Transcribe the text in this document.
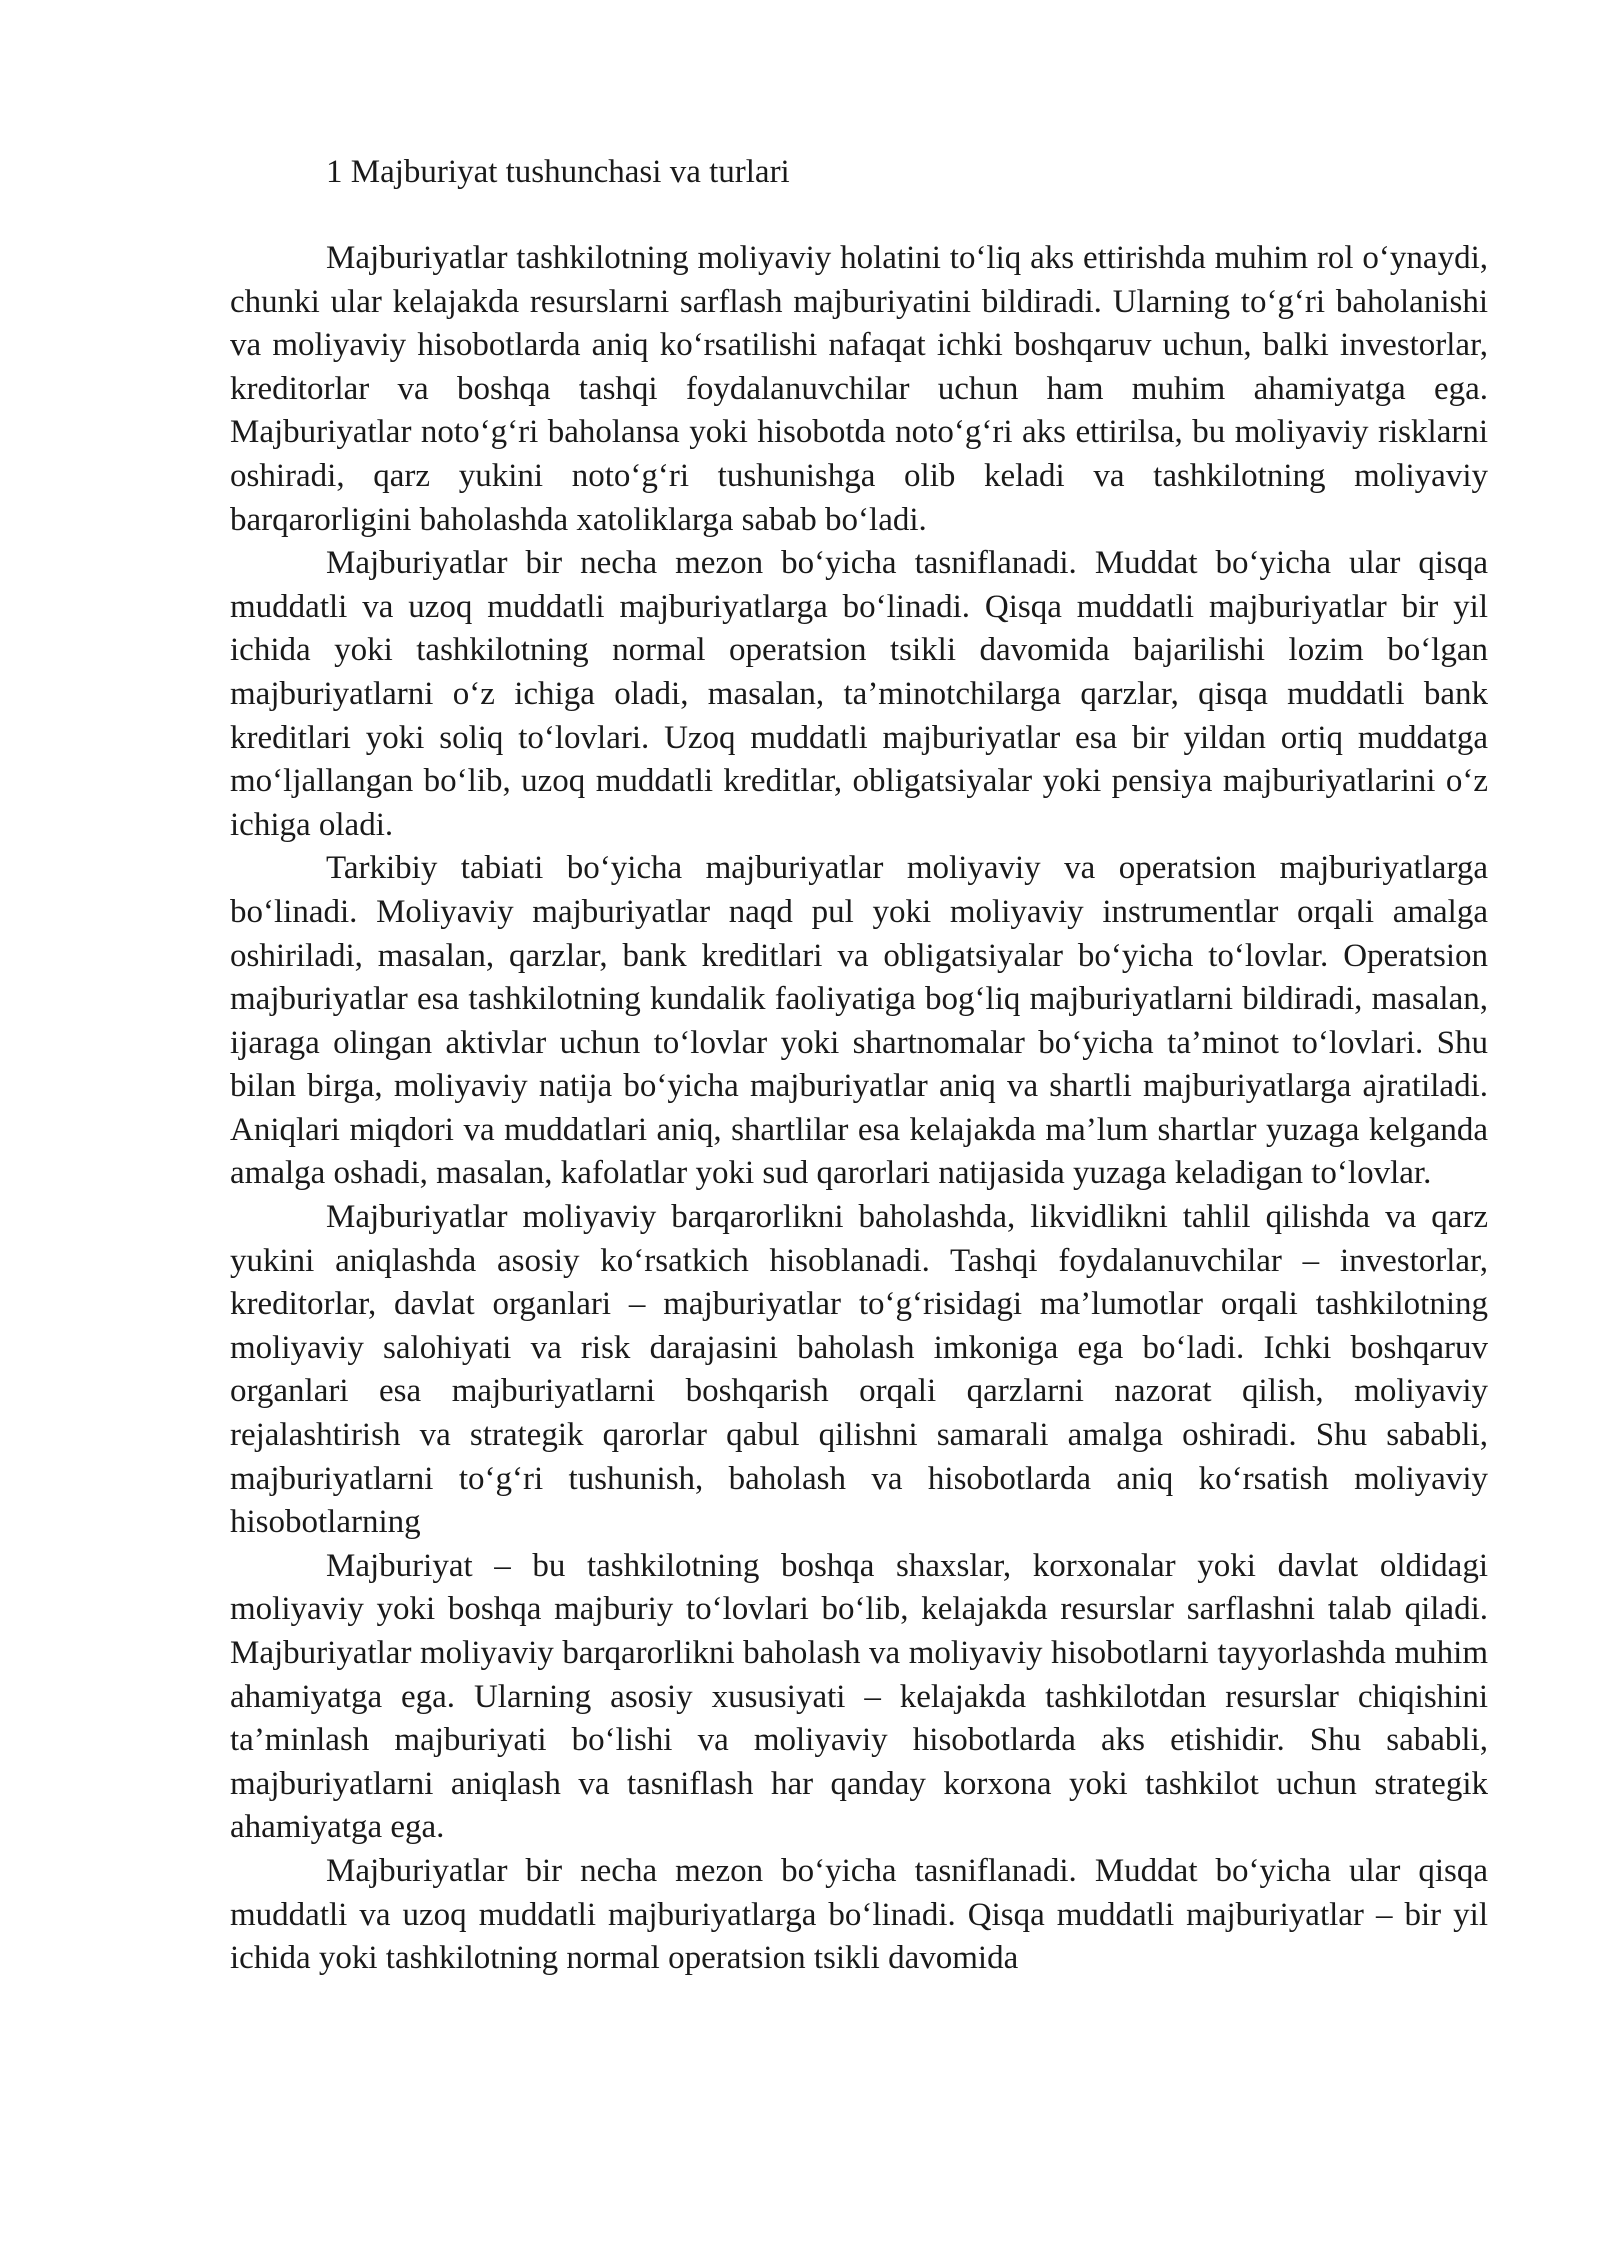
1 Majburiyat tushunchasi va turlari

Majburiyatlar tashkilotning moliyaviy holatini to‘liq aks ettirishda muhim rol o‘ynaydi, chunki ular kelajakda resurslarni sarflash majburiyatini bildiradi. Ularning to‘g‘ri baholanishi va moliyaviy hisobotlarda aniq ko‘rsatilishi nafaqat ichki boshqaruv uchun, balki investorlar, kreditorlar va boshqa tashqi foydalanuvchilar uchun ham muhim ahamiyatga ega. Majburiyatlar noto‘g‘ri baholansa yoki hisobotda noto‘g‘ri aks ettirilsa, bu moliyaviy risklarni oshiradi, qarz yukini noto‘g‘ri tushunishga olib keladi va tashkilotning moliyaviy barqarorligini baholashda xatoliklarga sabab bo‘ladi.

Majburiyatlar bir necha mezon bo‘yicha tasniflanadi. Muddat bo‘yicha ular qisqa muddatli va uzoq muddatli majburiyatlarga bo‘linadi. Qisqa muddatli majburiyatlar bir yil ichida yoki tashkilotning normal operatsion tsikli davomida bajarilishi lozim bo‘lgan majburiyatlarni o‘z ichiga oladi, masalan, ta’minotchilarga qarzlar, qisqa muddatli bank kreditlari yoki soliq to‘lovlari. Uzoq muddatli majburiyatlar esa bir yildan ortiq muddatga mo‘ljallangan bo‘lib, uzoq muddatli kreditlar, obligatsiyalar yoki pensiya majburiyatlarini o‘z ichiga oladi.

Tarkibiy tabiati bo‘yicha majburiyatlar moliyaviy va operatsion majburiyatlarga bo‘linadi. Moliyaviy majburiyatlar naqd pul yoki moliyaviy instrumentlar orqali amalga oshiriladi, masalan, qarzlar, bank kreditlari va obligatsiyalar bo‘yicha to‘lovlar. Operatsion majburiyatlar esa tashkilotning kundalik faoliyatiga bog‘liq majburiyatlarni bildiradi, masalan, ijaraga olingan aktivlar uchun to‘lovlar yoki shartnomalar bo‘yicha ta’minot to‘lovlari. Shu bilan birga, moliyaviy natija bo‘yicha majburiyatlar aniq va shartli majburiyatlarga ajratiladi. Aniqlari miqdori va muddatlari aniq, shartlilar esa kelajakda ma’lum shartlar yuzaga kelganda amalga oshadi, masalan, kafolatlar yoki sud qarorlari natijasida yuzaga keladigan to‘lovlar.

Majburiyatlar moliyaviy barqarorlikni baholashda, likvidlikni tahlil qilishda va qarz yukini aniqlashda asosiy ko‘rsatkich hisoblanadi. Tashqi foydalanuvchilar – investorlar, kreditorlar, davlat organlari – majburiyatlar to‘g‘risidagi ma’lumotlar orqali tashkilotning moliyaviy salohiyati va risk darajasini baholash imkoniga ega bo‘ladi. Ichki boshqaruv organlari esa majburiyatlarni boshqarish orqali qarzlarni nazorat qilish, moliyaviy rejalashtirish va strategik qarorlar qabul qilishni samarali amalga oshiradi. Shu sababli, majburiyatlarni to‘g‘ri tushunish, baholash va hisobotlarda aniq ko‘rsatish moliyaviy hisobotlarning

Majburiyat – bu tashkilotning boshqa shaxslar, korxonalar yoki davlat oldidagi moliyaviy yoki boshqa majburiy to‘lovlari bo‘lib, kelajakda resurslar sarflashni talab qiladi. Majburiyatlar moliyaviy barqarorlikni baholash va moliyaviy hisobotlarni tayyorlashda muhim ahamiyatga ega. Ularning asosiy xususiyati – kelajakda tashkilotdan resurslar chiqishini ta’minlash majburiyati bo‘lishi va moliyaviy hisobotlarda aks etishidir. Shu sababli, majburiyatlarni aniqlash va tasniflash har qanday korxona yoki tashkilot uchun strategik ahamiyatga ega.

Majburiyatlar bir necha mezon bo‘yicha tasniflanadi. Muddat bo‘yicha ular qisqa muddatli va uzoq muddatli majburiyatlarga bo‘linadi. Qisqa muddatli majburiyatlar – bir yil ichida yoki tashkilotning normal operatsion tsikli davomida
